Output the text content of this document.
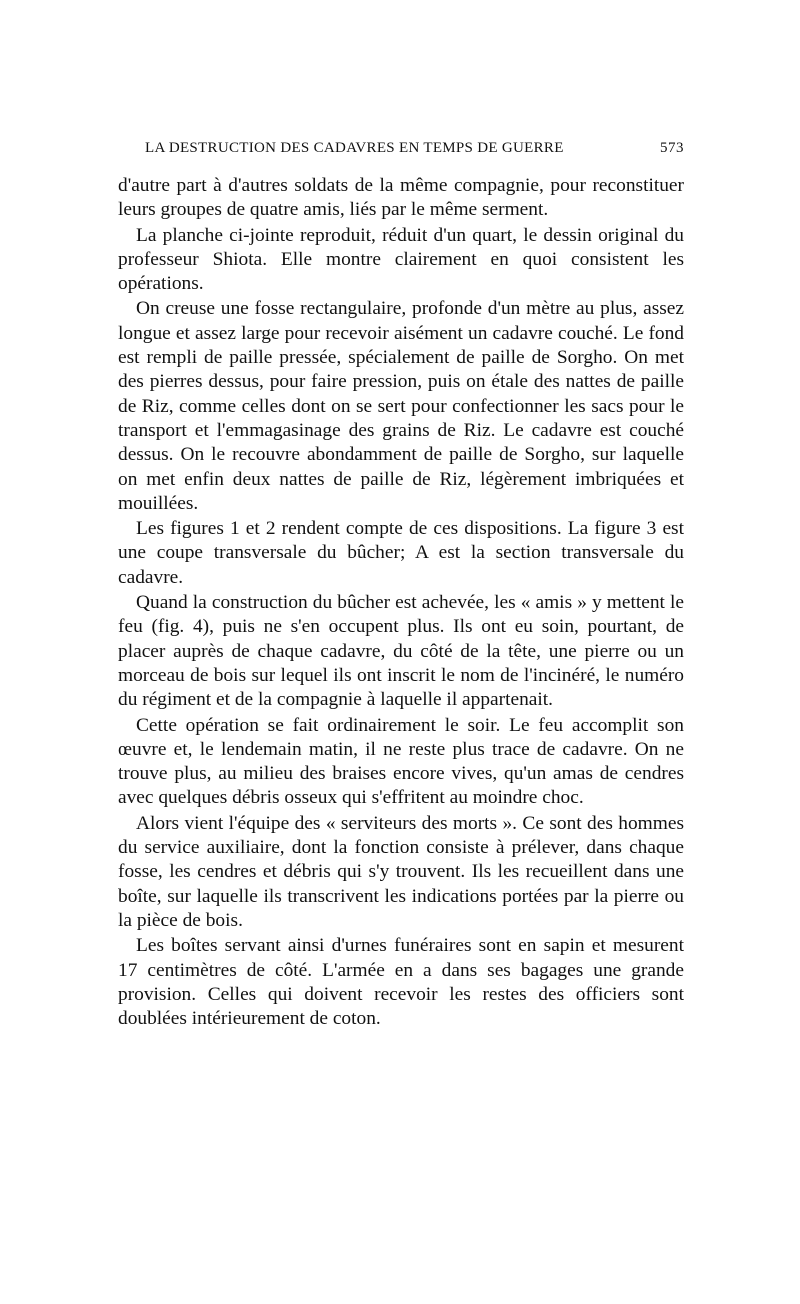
LA DESTRUCTION DES CADAVRES EN TEMPS DE GUERRE	573

d'autre part à d'autres soldats de la même compagnie, pour reconstituer leurs groupes de quatre amis, liés par le même serment.

La planche ci-jointe reproduit, réduit d'un quart, le dessin original du professeur Shiota. Elle montre clairement en quoi consistent les opérations.

On creuse une fosse rectangulaire, profonde d'un mètre au plus, assez longue et assez large pour recevoir aisément un cadavre couché. Le fond est rempli de paille pressée, spécialement de paille de Sorgho. On met des pierres dessus, pour faire pression, puis on étale des nattes de paille de Riz, comme celles dont on se sert pour confectionner les sacs pour le transport et l'emmagasinage des grains de Riz. Le cadavre est couché dessus. On le recouvre abondamment de paille de Sorgho, sur laquelle on met enfin deux nattes de paille de Riz, légèrement imbriquées et mouillées.

Les figures 1 et 2 rendent compte de ces dispositions. La figure 3 est une coupe transversale du bûcher; A est la section transversale du cadavre.

Quand la construction du bûcher est achevée, les « amis » y mettent le feu (fig. 4), puis ne s'en occupent plus. Ils ont eu soin, pourtant, de placer auprès de chaque cadavre, du côté de la tête, une pierre ou un morceau de bois sur lequel ils ont inscrit le nom de l'incinéré, le numéro du régiment et de la compagnie à laquelle il appartenait.

Cette opération se fait ordinairement le soir. Le feu accomplit son œuvre et, le lendemain matin, il ne reste plus trace de cadavre. On ne trouve plus, au milieu des braises encore vives, qu'un amas de cendres avec quelques débris osseux qui s'effritent au moindre choc.

Alors vient l'équipe des « serviteurs des morts ». Ce sont des hommes du service auxiliaire, dont la fonction consiste à prélever, dans chaque fosse, les cendres et débris qui s'y trouvent. Ils les recueillent dans une boîte, sur laquelle ils transcrivent les indications portées par la pierre ou la pièce de bois.

Les boîtes servant ainsi d'urnes funéraires sont en sapin et mesurent 17 centimètres de côté. L'armée en a dans ses bagages une grande provision. Celles qui doivent recevoir les restes des officiers sont doublées intérieurement de coton.
